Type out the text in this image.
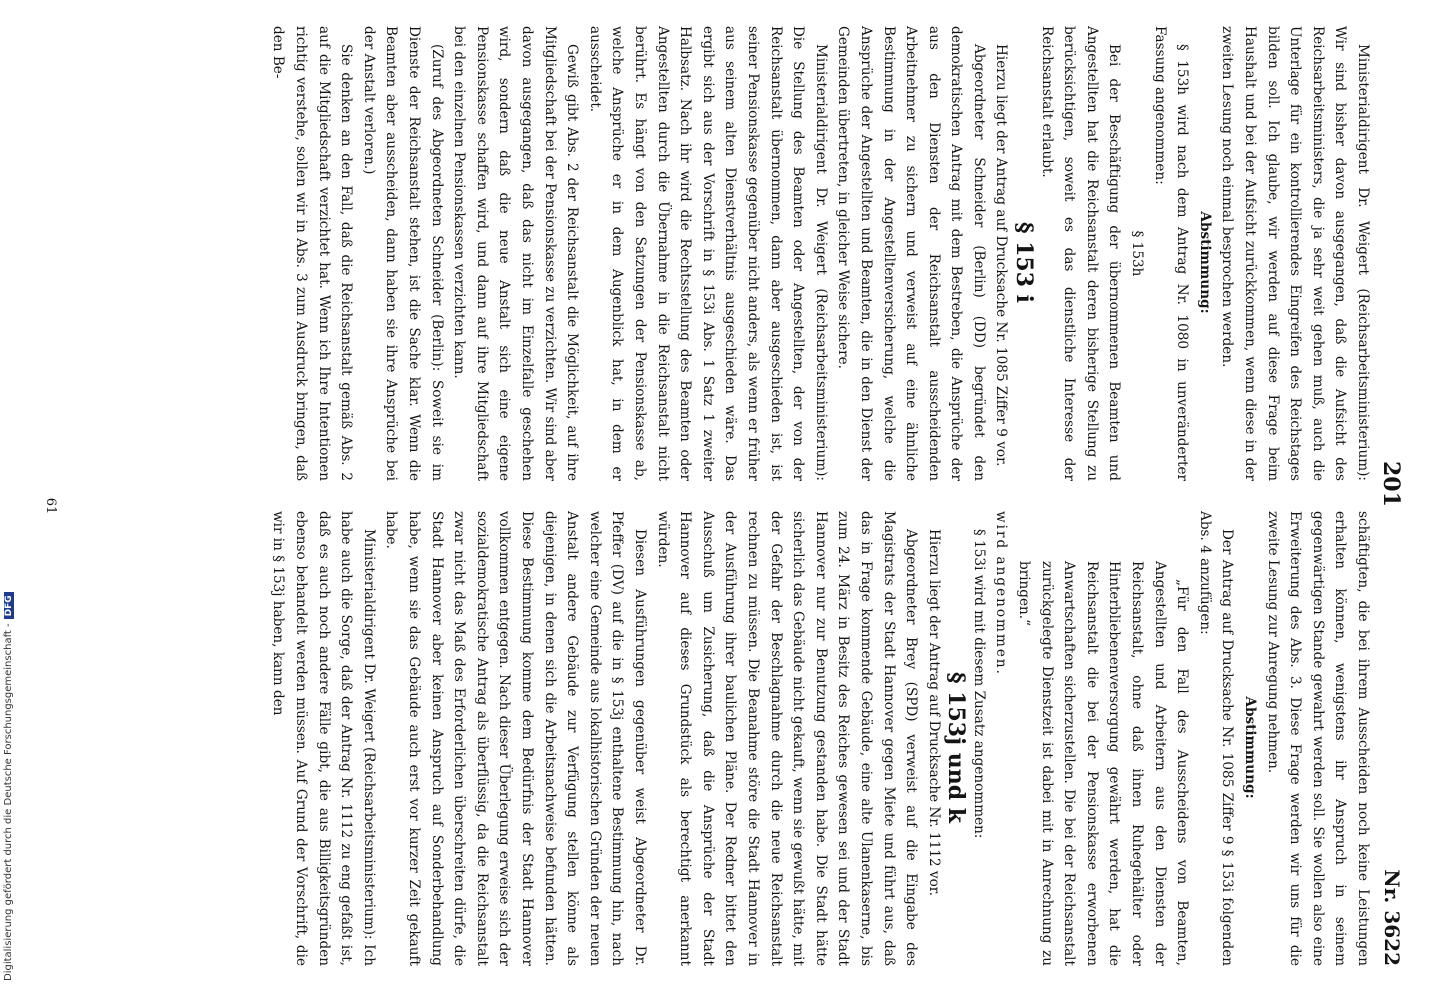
Digitalisierung gefördert durch die Deutsche Forschungsgemeinschaft -DFG
201
Nr. 3622

Ministerialdirigent Dr. Weigert (Reichsarbeitsministerium): Wir sind bisher davon ausgegangen, daß die Aufsicht des Reichsarbeitsministers, die ja sehr weit gehen muß, auch die Unterlage für ein kontrollierendes Eingreifen des Reichstages bilden soll. Ich glaube, wir werden auf diese Frage beim Haushalt und bei der Aufsicht zurückkommen, wenn diese in der zweiten Lesung noch einmal besprochen werden.

Abstimmung:

§ 153h wird nach dem Antrag Nr. 1080 in unveränderter Fassung angenommen:

§ 153h

Bei der Beschäftigung der übernommenen Beamten und Angestellten hat die Reichsanstalt deren bisherige Stellung zu berücksichtigen, soweit es das dienstliche Interesse der Reichsanstalt erlaubt.

§ 153 i

Hierzu liegt der Antrag auf Drucksache Nr. 1085 Ziffer 9 vor.

Abgeordneter Schneider (Berlin) (DD) begründet den demokratischen Antrag mit dem Bestreben, die Ansprüche der aus den Diensten der Reichsanstalt ausscheidenden Arbeitnehmer zu sichern und verweist auf eine ähnliche Bestimmung in der Angestelltenversicherung, welche die Ansprüche der Angestellten und Beamten, die in den Dienst der Gemeinden übertreten, in gleicher Weise sichere.

Ministerialdirigent Dr. Weigert (Reichsarbeitsministerium): Die Stellung des Beamten oder Angestellten, der von der Reichsanstalt übernommen, dann aber ausgeschieden ist, ist seiner Pensionskasse gegenüber nicht anders, als wenn er früher aus seinem alten Dienstverhältnis ausgeschieden wäre. Das ergibt sich aus der Vorschrift in § 153i Abs. 1 Satz 1 zweiter Halbsatz. Nach ihr wird die Rechtsstellung des Beamten oder Angestellten durch die Übernahme in die Reichsanstalt nicht berührt. Es hängt von den Satzungen der Pensionskasse ab, welche Ansprüche er in dem Augenblick hat, in dem er ausscheidet.

Gewiß gibt Abs. 2 der Reichsanstalt die Möglichkeit, auf ihre Mitgliedschaft bei der Pensionskasse zu verzichten. Wir sind aber davon ausgegangen, daß das nicht im Einzelfalle geschehen wird, sondern daß die neue Anstalt sich eine eigene Pensionskasse schaffen wird, und dann auf ihre Mitgliedschaft bei den einzelnen Pensionskassen verzichten kann.

(Zuruf des Abgeordneten Schneider (Berlin): Soweit sie im Dienste der Reichsanstalt stehen, ist die Sache klar. Wenn die Beamten aber ausscheiden, dann haben sie ihre Ansprüche bei der Anstalt verloren.)

Sie denken an den Fall, daß die Reichsanstalt gemäß Abs. 2 auf die Mitgliedschaft verzichtet hat. Wenn ich Ihre Intentionen richtig verstehe, sollen wir in Abs. 3 zum Ausdruck bringen, daß den Be-

schäftigten, die bei ihrem Ausscheiden noch keine Leistungen erhalten können, wenigstens ihr Anspruch in seinem gegenwärtigen Stande gewahrt werden soll. Sie wollen also eine Erweiterung des Abs. 3. Diese Frage werden wir uns für die zweite Lesung zur Anregung nehmen.

Abstimmung:

Der Antrag auf Drucksache Nr. 1085 Ziffer 9 § 153i folgenden Abs. 4 anzufügen:

„Für den Fall des Ausscheidens von Beamten, Angestellten und Arbeitern aus den Diensten der Reichsanstalt, ohne daß ihnen Ruhegehälter oder Hinterbliebenenversorgung gewährt werden, hat die Reichsanstalt die bei der Pensionskasse erworbenen Anwartschaften sicherzustellen. Die bei der Reichsanstalt zurückgelegte Dienstzeit ist dabei mit in Anrechnung zu bringen.“

wird angenommen.

§ 153i wird mit diesem Zusatz angenommen:

§ 153j und k

Hierzu liegt der Antrag auf Drucksache Nr. 1112 vor.

Abgeordneter Brey (SPD) verweist auf die Eingabe des Magistrats der Stadt Hannover gegen Miete und führt aus, daß das in Frage kommende Gebäude, eine alte Ulanenkaserne, bis zum 24. März in Besitz des Reiches gewesen sei und der Stadt Hannover nur zur Benutzung gestanden habe. Die Stadt hätte sicherlich das Gebäude nicht gekauft, wenn sie gewußt hätte, mit der Gefahr der Beschlagnahme durch die neue Reichsanstalt rechnen zu müssen. Die Beanahme störe die Stadt Hannover in der Ausführung ihrer baulichen Pläne. Der Redner bittet den Ausschuß um Zusicherung, daß die Ansprüche der Stadt Hannover auf dieses Grundstück als berechtigt anerkannt würden.

Diesen Ausführungen gegenüber weist Abgeordneter Dr. Pfeffer (DV) auf die in § 153j enthaltene Bestimmung hin, nach welcher eine Gemeinde aus lokalhistorischen Gründen der neuen Anstalt andere Gebäude zur Verfügung stellen könne als diejenigen, in denen sich die Arbeitsnachweise befunden hätten. Diese Bestimmung komme dem Bedürfnis der Stadt Hannover vollkommen entgegen. Nach dieser Überlegung erweise sich der sozialdemokratische Antrag als überflüssig, da die Reichsanstalt zwar nicht das Maß des Erforderlichen überschreiten dürfe, die Stadt Hannover aber keinen Anspruch auf Sonderbehandlung habe, wenn sie das Gebäude auch erst vor kurzer Zeit gekauft habe.

Ministerialdirigent Dr. Weigert (Reichsarbeitsministerium): Ich habe auch die Sorge, daß der Antrag Nr. 1112 zu eng gefaßt ist, daß es auch noch andere Fälle gibt, die aus Billigkeitsgründen ebenso behandelt werden müssen. Auf Grund der Vorschrift, die wir in § 153j haben, kann den

61
